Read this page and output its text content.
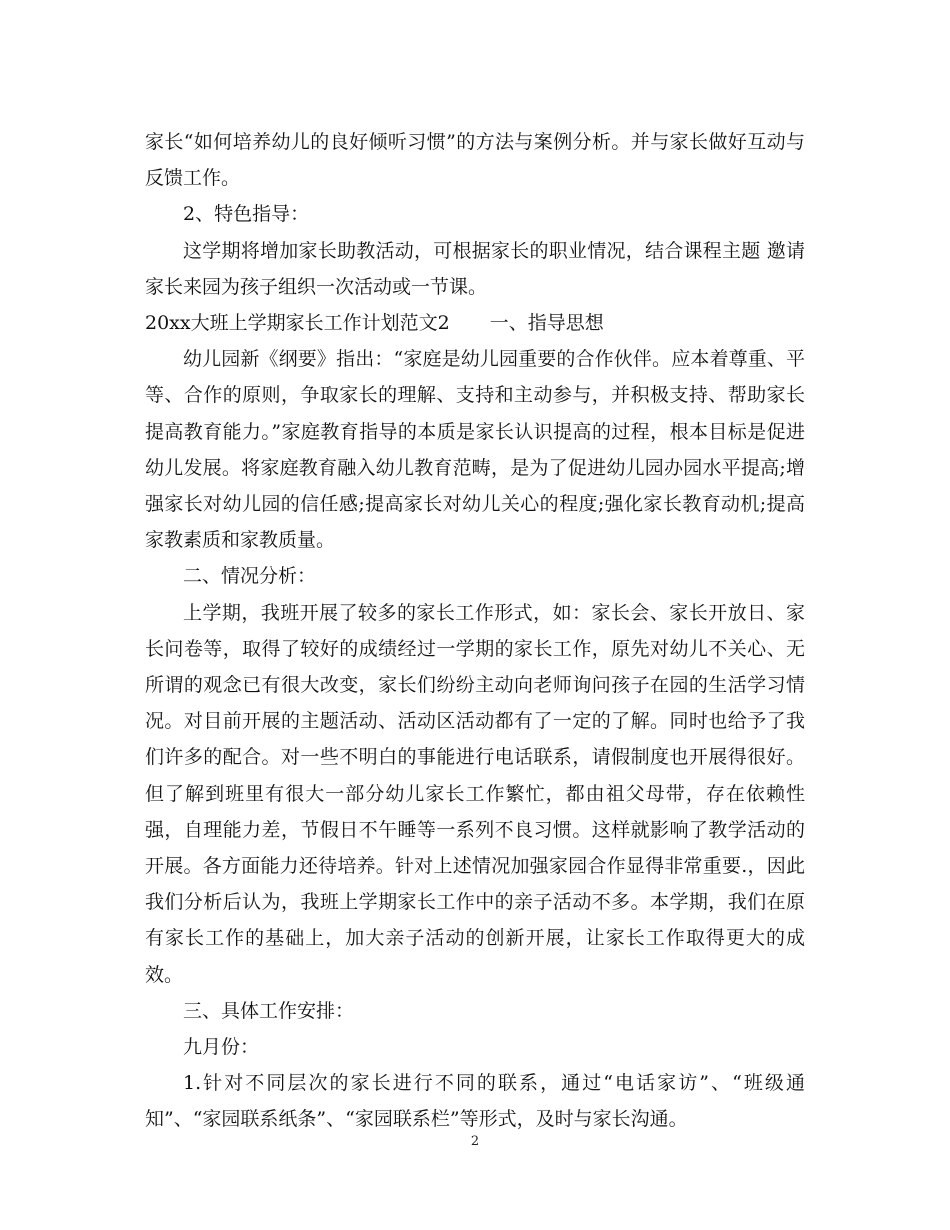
家长“如何培养幼儿的良好倾听习惯”的方法与案例分析。并与家长做好互动与反馈工作。

2、特色指导：

这学期将增加家长助教活动，可根据家长的职业情况，结合课程主题 邀请家长来园为孩子组织一次活动或一节课。

20xx大班上学期家长工作计划范文2 一、指导思想

幼儿园新《纲要》指出：“家庭是幼儿园重要的合作伙伴。应本着尊重、平等、合作的原则，争取家长的理解、支持和主动参与，并积极支持、帮助家长提高教育能力。”家庭教育指导的本质是家长认识提高的过程，根本目标是促进幼儿发展。将家庭教育融入幼儿教育范畴，是为了促进幼儿园办园水平提高;增强家长对幼儿园的信任感;提高家长对幼儿关心的程度;强化家长教育动机;提高家教素质和家教质量。

二、情况分析：

上学期，我班开展了较多的家长工作形式，如：家长会、家长开放日、家长问卷等，取得了较好的成绩经过一学期的家长工作，原先对幼儿不关心、无所谓的观念已有很大改变，家长们纷纷主动向老师询问孩子在园的生活学习情况。对目前开展的主题活动、活动区活动都有了一定的了解。同时也给予了我们许多的配合。对一些不明白的事能进行电话联系，请假制度也开展得很好。但了解到班里有很大一部分幼儿家长工作繁忙，都由祖父母带，存在依赖性强，自理能力差，节假日不午睡等一系列不良习惯。这样就影响了教学活动的开展。各方面能力还待培养。针对上述情况加强家园合作显得非常重要.，因此我们分析后认为，我班上学期家长工作中的亲子活动不多。本学期，我们在原有家长工作的基础上，加大亲子活动的创新开展，让家长工作取得更大的成效。

三、具体工作安排：

九月份：

1.针对不同层次的家长进行不同的联系，通过“电话家访”、“班级通知”、“家园联系纸条”、“家园联系栏”等形式，及时与家长沟通。

2
